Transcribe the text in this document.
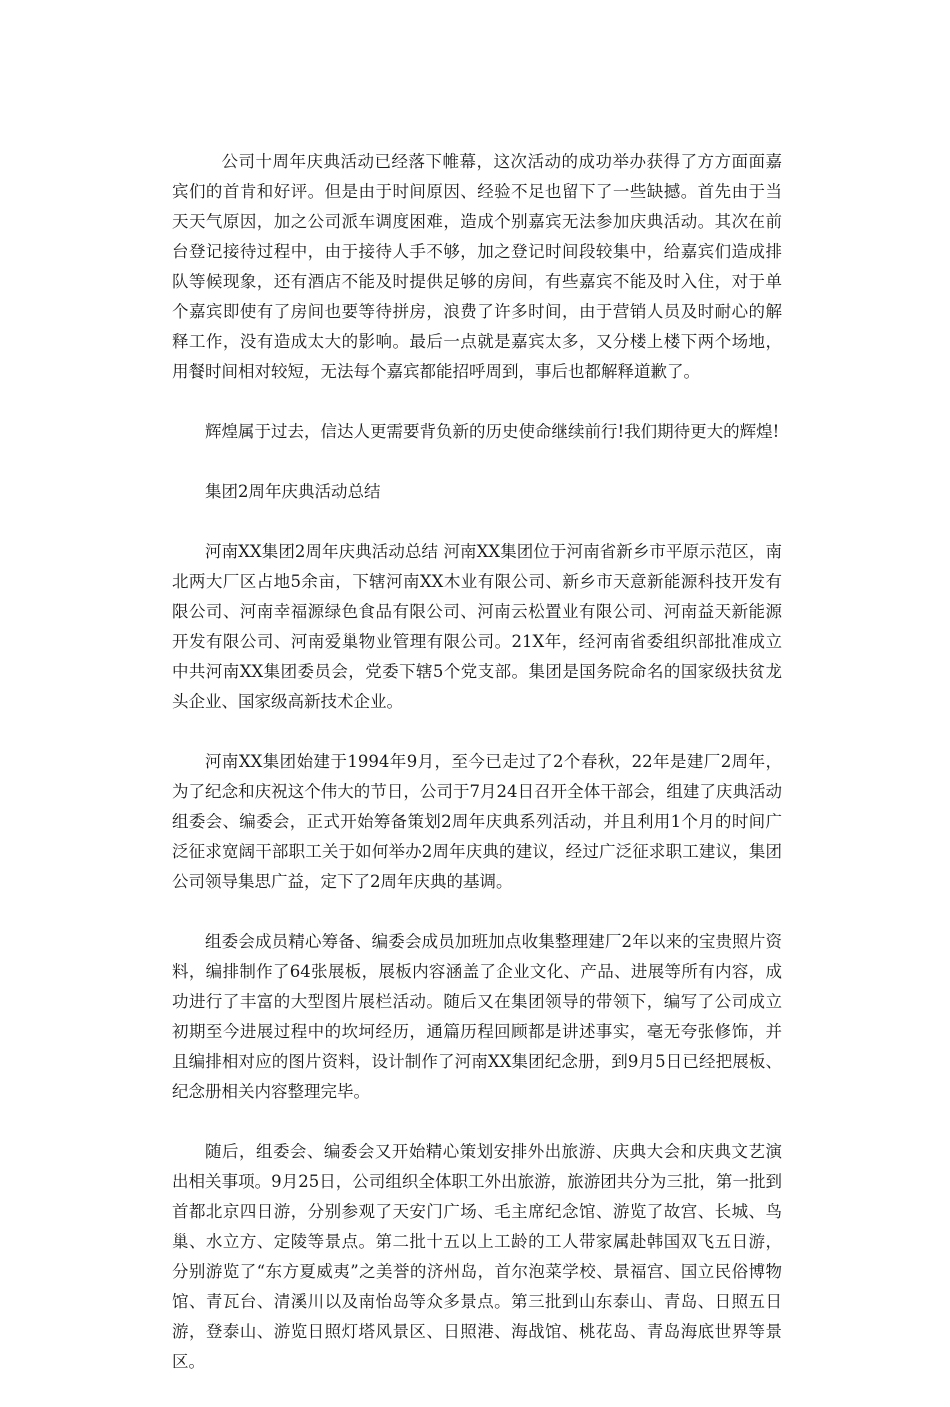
公司十周年庆典活动已经落下帷幕，这次活动的成功举办获得了方方面面嘉宾们的首肯和好评。但是由于时间原因、经验不足也留下了一些缺撼。首先由于当天天气原因，加之公司派车调度困难，造成个别嘉宾无法参加庆典活动。其次在前台登记接待过程中，由于接待人手不够，加之登记时间段较集中，给嘉宾们造成排队等候现象，还有酒店不能及时提供足够的房间，有些嘉宾不能及时入住，对于单个嘉宾即使有了房间也要等待拼房，浪费了许多时间，由于营销人员及时耐心的解释工作，没有造成太大的影响。最后一点就是嘉宾太多，又分楼上楼下两个场地，用餐时间相对较短，无法每个嘉宾都能招呼周到，事后也都解释道歉了。

辉煌属于过去，信达人更需要背负新的历史使命继续前行!我们期待更大的辉煌!

集团2周年庆典活动总结

河南XX集团2周年庆典活动总结 河南XX集团位于河南省新乡市平原示范区，南北两大厂区占地5余亩，下辖河南XX木业有限公司、新乡市天意新能源科技开发有限公司、河南幸福源绿色食品有限公司、河南云松置业有限公司、河南益天新能源开发有限公司、河南爱巢物业管理有限公司。21X年，经河南省委组织部批准成立中共河南XX集团委员会，党委下辖5个党支部。集团是国务院命名的国家级扶贫龙头企业、国家级高新技术企业。

河南XX集团始建于1994年9月，至今已走过了2个春秋，22年是建厂2周年，为了纪念和庆祝这个伟大的节日，公司于7月24日召开全体干部会，组建了庆典活动组委会、编委会，正式开始筹备策划2周年庆典系列活动，并且利用1个月的时间广泛征求宽阔干部职工关于如何举办2周年庆典的建议，经过广泛征求职工建议，集团公司领导集思广益，定下了2周年庆典的基调。

组委会成员精心筹备、编委会成员加班加点收集整理建厂2年以来的宝贵照片资料，编排制作了64张展板，展板内容涵盖了企业文化、产品、进展等所有内容，成功进行了丰富的大型图片展栏活动。随后又在集团领导的带领下，编写了公司成立初期至今进展过程中的坎坷经历，通篇历程回顾都是讲述事实，毫无夸张修饰，并且编排相对应的图片资料，设计制作了河南XX集团纪念册，到9月5日已经把展板、纪念册相关内容整理完毕。

随后，组委会、编委会又开始精心策划安排外出旅游、庆典大会和庆典文艺演出相关事项。9月25日，公司组织全体职工外出旅游，旅游团共分为三批，第一批到首都北京四日游，分别参观了天安门广场、毛主席纪念馆、游览了故宫、长城、鸟巢、水立方、定陵等景点。第二批十五以上工龄的工人带家属赴韩国双飞五日游，分别游览了“东方夏威夷”之美誉的济州岛，首尔泡菜学校、景福宫、国立民俗博物馆、青瓦台、清溪川以及南怡岛等众多景点。第三批到山东泰山、青岛、日照五日游，登泰山、游览日照灯塔风景区、日照港、海战馆、桃花岛、青岛海底世界等景区。
